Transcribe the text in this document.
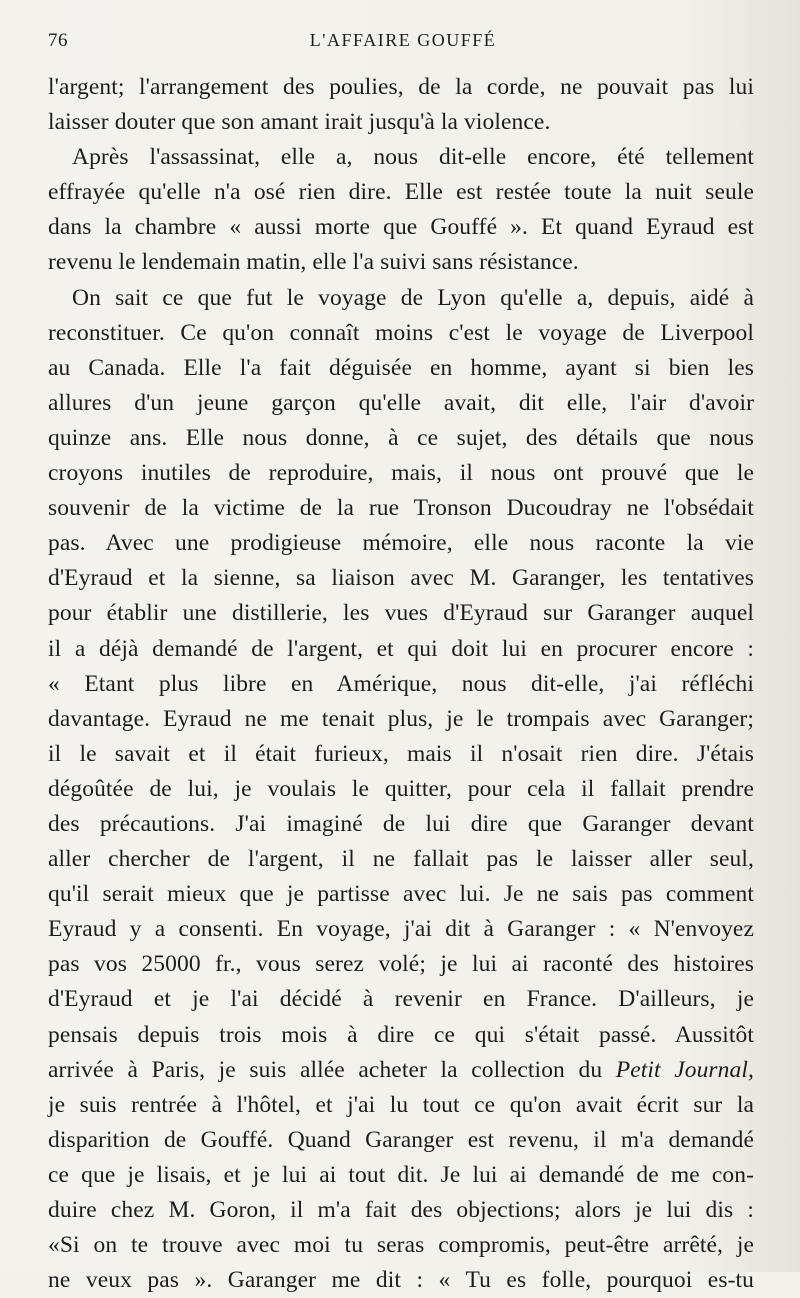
76	L'AFFAIRE GOUFFÉ
l'argent; l'arrangement des poulies, de la corde, ne pouvait pas lui
laisser douter que son amant irait jusqu'à la violence.
Après l'assassinat, elle a, nous dit-elle encore, été tellement
effrayée qu'elle n'a osé rien dire. Elle est restée toute la nuit seule
dans la chambre « aussi morte que Gouffé ». Et quand Eyraud est
revenu le lendemain matin, elle l'a suivi sans résistance.
On sait ce que fut le voyage de Lyon qu'elle a, depuis, aidé à
reconstituer. Ce qu'on connaît moins c'est le voyage de Liverpool
au Canada. Elle l'a fait déguisée en homme, ayant si bien les
allures d'un jeune garçon qu'elle avait, dit elle, l'air d'avoir
quinze ans. Elle nous donne, à ce sujet, des détails que nous
croyons inutiles de reproduire, mais, il nous ont prouvé que le
souvenir de la victime de la rue Tronson Ducoudray ne l'obsédait
pas. Avec une prodigieuse mémoire, elle nous raconte la vie
d'Eyraud et la sienne, sa liaison avec M. Garanger, les tentatives
pour établir une distillerie, les vues d'Eyraud sur Garanger auquel
il a déjà demandé de l'argent, et qui doit lui en procurer encore :
« Etant plus libre en Amérique, nous dit-elle, j'ai réfléchi
davantage. Eyraud ne me tenait plus, je le trompais avec Garanger;
il le savait et il était furieux, mais il n'osait rien dire. J'étais
dégoûtée de lui, je voulais le quitter, pour cela il fallait prendre
des précautions. J'ai imaginé de lui dire que Garanger devant
aller chercher de l'argent, il ne fallait pas le laisser aller seul,
qu'il serait mieux que je partisse avec lui. Je ne sais pas comment
Eyraud y a consenti. En voyage, j'ai dit à Garanger : « N'envoyez
pas vos 25000 fr., vous serez volé; je lui ai raconté des histoires
d'Eyraud et je l'ai décidé à revenir en France. D'ailleurs, je
pensais depuis trois mois à dire ce qui s'était passé. Aussitôt
arrivée à Paris, je suis allée acheter la collection du Petit Journal,
je suis rentrée à l'hôtel, et j'ai lu tout ce qu'on avait écrit sur la
disparition de Gouffé. Quand Garanger est revenu, il m'a demandé
ce que je lisais, et je lui ai tout dit. Je lui ai demandé de me con-
duire chez M. Goron, il m'a fait des objections; alors je lui dis :
«Si on te trouve avec moi tu seras compromis, peut-être arrêté, je
ne veux pas ». Garanger me dit : « Tu es folle, pourquoi es-tu
